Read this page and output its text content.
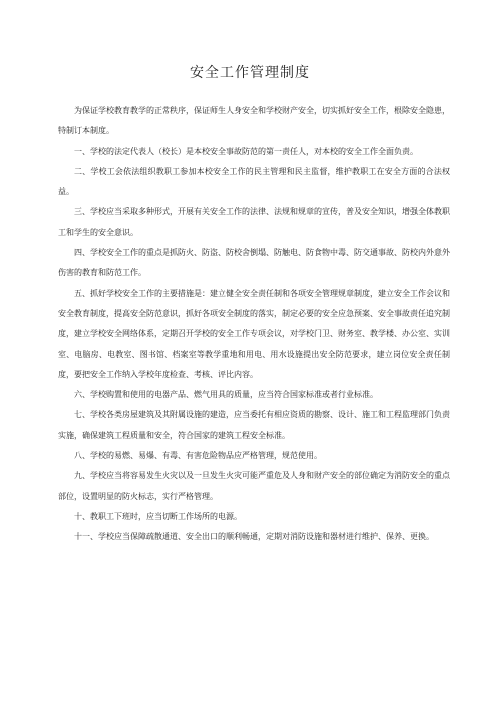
安全工作管理制度

为保证学校教育教学的正常秩序，保证师生人身安全和学校财产安全，切实抓好安全工作，根除安全隐患，特制订本制度。

一、学校的法定代表人（校长）是本校安全事故防范的第一责任人，对本校的安全工作全面负责。

二、学校工会依法组织教职工参加本校安全工作的民主管理和民主监督，维护教职工在安全方面的合法权益。

三、学校应当采取多种形式，开展有关安全工作的法律、法规和规章的宣传，普及安全知识，增强全体教职工和学生的安全意识。

四、学校安全工作的重点是抓防火、防盗、防校舍倒塌、防触电、防食物中毒、防交通事故、防校内外意外伤害的教育和防范工作。

五、抓好学校安全工作的主要措施是：建立健全安全责任制和各项安全管理规章制度，建立安全工作会议和安全教育制度，提高安全防范意识，抓好各项安全制度的落实，制定必要的安全应急预案、安全事故责任追究制度，建立学校安全网络体系，定期召开学校的安全工作专项会议，对学校门卫、财务室、教学楼、办公室、实训室、电脑房、电教室、图书馆、档案室等教学重地和用电、用水设施提出安全防范要求，建立岗位安全责任制度，要把安全工作纳入学校年度检查、考核、评比内容。

六、学校购置和使用的电器产品、燃气用具的质量，应当符合国家标准或者行业标准。

七、学校各类房屋建筑及其附属设施的建造，应当委托有相应资质的勘察、设计、施工和工程监理部门负责实施，确保建筑工程质量和安全，符合国家的建筑工程安全标准。

八、学校的易燃、易爆、有毒、有害危险物品应严格管理，规范使用。

九、学校应当将容易发生火灾以及一旦发生火灾可能严重危及人身和财产安全的部位确定为消防安全的重点部位，设置明显的防火标志，实行严格管理。

十、教职工下班时，应当切断工作场所的电源。

十一、学校应当保障疏散通道、安全出口的顺利畅通，定期对消防设施和器材进行维护、保养、更换。
